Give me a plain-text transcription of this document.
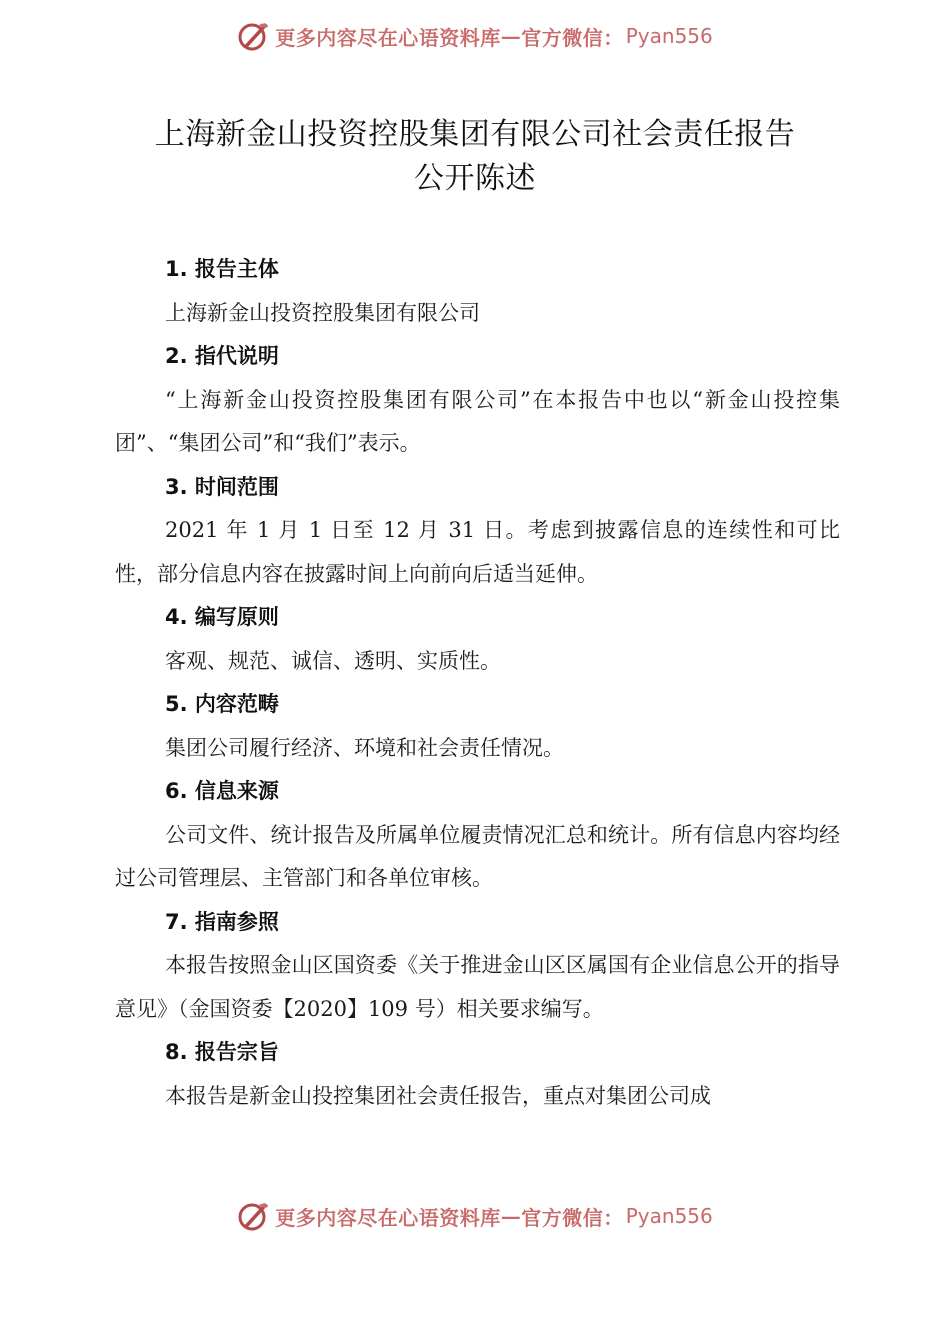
更多内容尽在心语资料库 — 官方微信： Pyan556
上海新金山投资控股集团有限公司社会责任报告
公开陈述
1. 报告主体
上海新金山投资控股集团有限公司
2. 指代说明
“上海新金山投资控股集团有限公司”在本报告中也以“新金山投控集团”、“集团公司”和“我们”表示。
3. 时间范围
2021 年 1 月 1 日至 12 月 31 日。考虑到披露信息的连续性和可比性，部分信息内容在披露时间上向前向后适当延伸。
4. 编写原则
客观、规范、诚信、透明、实质性。
5. 内容范畴
集团公司履行经济、环境和社会责任情况。
6. 信息来源
公司文件、统计报告及所属单位履责情况汇总和统计。所有信息内容均经过公司管理层、主管部门和各单位审核。
7. 指南参照
本报告按照金山区国资委《关于推进金山区区属国有企业信息公开的指导意见》（金国资委【2020】109 号）相关要求编写。
8. 报告宗旨
本报告是新金山投控集团社会责任报告，重点对集团公司成
更多内容尽在心语资料库 — 官方微信： Pyan556
